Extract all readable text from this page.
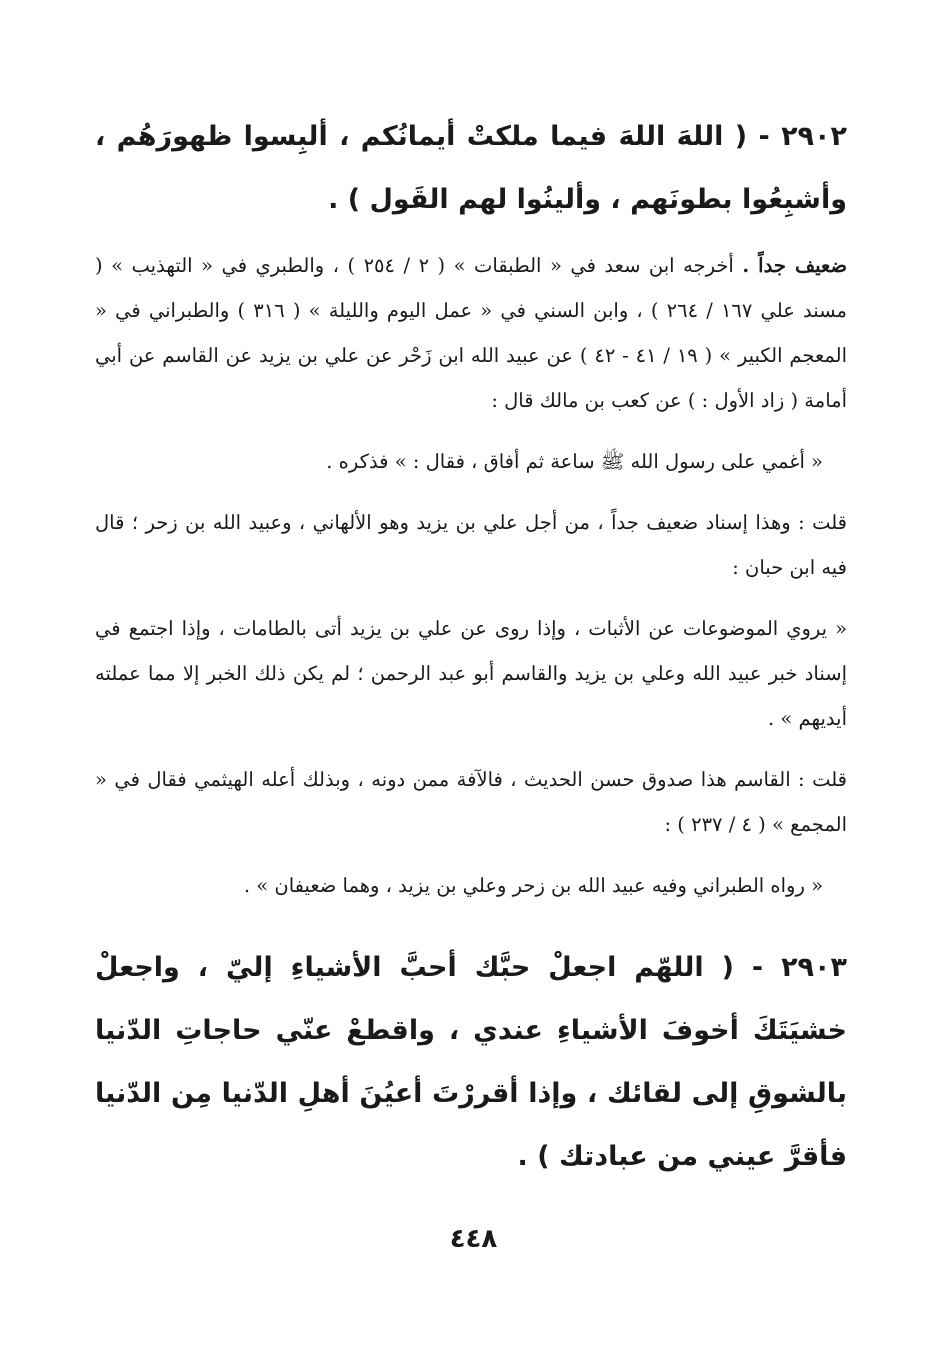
٢٩٠٢ - ( اللهَ اللهَ فيما ملكتْ أيمانُكم ، ألبِسوا ظهورَهُم ، وأشبِعُوا بطونَهم ، وألينُوا لهم القَول ) .

ضعيف جداً . أخرجه ابن سعد في « الطبقات » ( ٢ / ٢٥٤ ) ، والطبري في « التهذيب » ( مسند علي ١٦٧ / ٢٦٤ ) ، وابن السني في « عمل اليوم والليلة » ( ٣١٦ ) والطبراني في « المعجم الكبير » ( ١٩ / ٤١ - ٤٢ ) عن عبيد الله ابن زَحْر عن علي بن يزيد عن القاسم عن أبي أمامة ( زاد الأول : ) عن كعب بن مالك قال :

« أغمي على رسول الله ﷺ ساعة ثم أفاق ، فقال : » فذكره .

قلت : وهذا إسناد ضعيف جداً ، من أجل علي بن يزيد وهو الألهاني ، وعبيد الله بن زحر ؛ قال فيه ابن حبان :

« يروي الموضوعات عن الأثبات ، وإذا روى عن علي بن يزيد أتى بالطامات ، وإذا اجتمع في إسناد خبر عبيد الله وعلي بن يزيد والقاسم أبو عبد الرحمن ؛ لم يكن ذلك الخبر إلا مما عملته أيديهم » .

قلت : القاسم هذا صدوق حسن الحديث ، فالآفة ممن دونه ، وبذلك أعله الهيثمي فقال في « المجمع » ( ٤ / ٢٣٧ ) :

« رواه الطبراني وفيه عبيد الله بن زحر وعلي بن يزيد ، وهما ضعيفان » .

٢٩٠٣ - ( اللهّم اجعلْ حبَّك أحبَّ الأشياءِ إليّ ، واجعلْ خشيَتَكَ أخوفَ الأشياءِ عندي ، واقطعْ عنّي حاجاتِ الدّنيا بالشوقِ إلى لقائك ، وإذا أقررْتَ أعيُنَ أهلِ الدّنيا مِن الدّنيا فأقرَّ عيني من عبادتك ) .

٤٤٨
